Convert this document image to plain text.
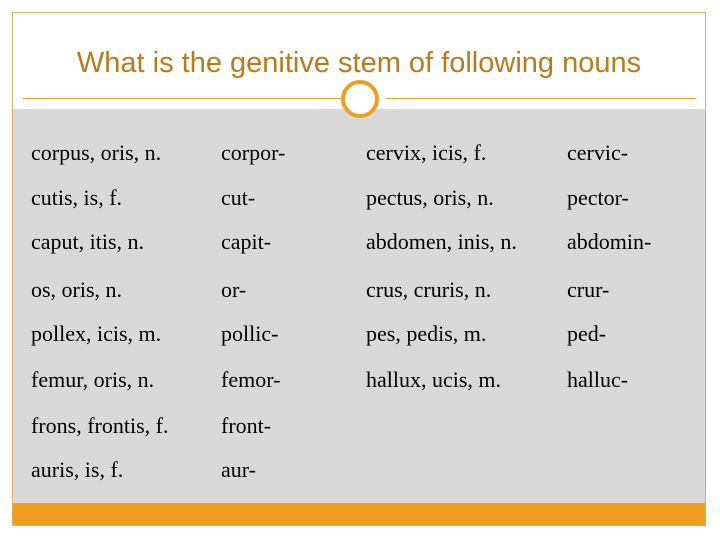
What is the genitive stem of following nouns
corpus, oris, n.	corpor-	cervix, icis, f.	cervic-
cutis, is, f.	cut-	pectus, oris, n.	pector-
caput, itis, n.	capit-	abdomen, inis, n. abdomin-
os, oris, n.	or-	crus, cruris, n.	crur-
pollex, icis, m.	pollic-	pes, pedis, m.	ped-
femur, oris, n.	femor-	hallux, ucis, m.	halluc-
frons, frontis, f. front-
auris, is, f.	aur-
